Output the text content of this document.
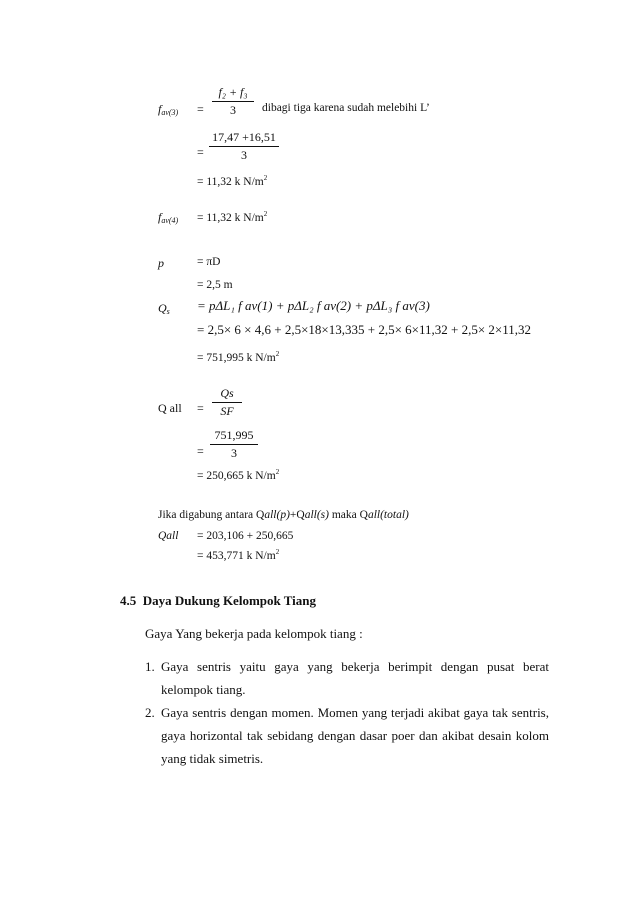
$f_{av(3)}$ =
f₂ + f₃
3	dibagi tiga karena sudah melebihi L’
=
17,47 +16,51
3
= 11,32 k $N/m^2$
$f_{av(4)} = 11,32$ k $N/m^2$
p	= πD
= 2,5 m
$Q_s = p\Delta L_1$ f av(1) + pΔL₂ f av(2) + pΔL₃ f av(3)
= 2,5× 6 × 4,6 + 2,5×18×13,335 + 2,5× 6×11,32 + 2,5× 2×11,32
= 751,995 k $N/m^2$
Q all =
Qs
SF
=
751,995
3
= 250,665 k $N/m^2$
Jika digabung antara Qall(p)+Qall(s) maka Qall(total)
Qall = 203,106 + 250,665
= 453,771 k $N/m^2$
4.5 Daya Dukung Kelompok Tiang
Gaya Yang bekerja pada kelompok tiang :
1. Gaya sentris yaitu gaya yang bekerja berimpit dengan pusat berat
kelompok tiang.
2. Gaya sentris dengan momen. Momen yang terjadi akibat gaya tak sentris,
gaya horizontal tak sebidang dengan dasar poer dan akibat desain kolom
yang tidak simetris.
